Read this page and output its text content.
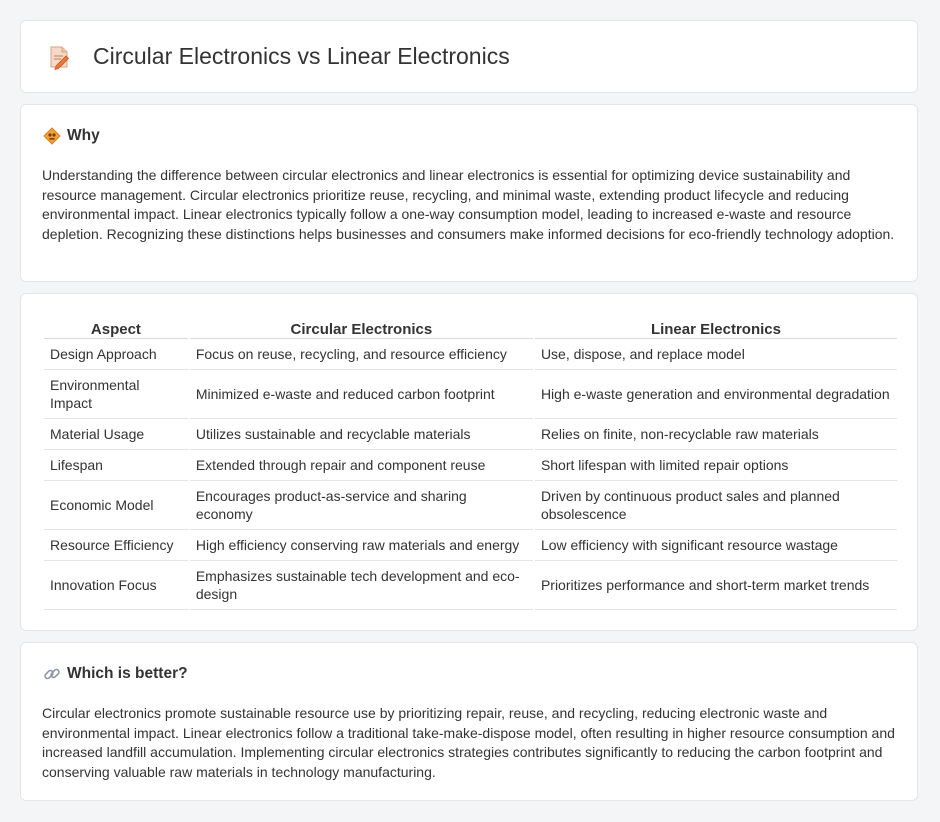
Circular Electronics vs Linear Electronics
Why
Understanding the difference between circular electronics and linear electronics is essential for optimizing device sustainability and resource management. Circular electronics prioritize reuse, recycling, and minimal waste, extending product lifecycle and reducing environmental impact. Linear electronics typically follow a one-way consumption model, leading to increased e-waste and resource depletion. Recognizing these distinctions helps businesses and consumers make informed decisions for eco-friendly technology adoption.
Aspect	Circular Electronics	Linear Electronics
Design Approach	Focus on reuse, recycling, and resource efficiency	Use, dispose, and replace model
Environmental Impact	Minimized e-waste and reduced carbon footprint	High e-waste generation and environmental degradation
Material Usage	Utilizes sustainable and recyclable materials	Relies on finite, non-recyclable raw materials
Lifespan	Extended through repair and component reuse	Short lifespan with limited repair options
Economic Model	Encourages product-as-service and sharing economy	Driven by continuous product sales and planned obsolescence
Resource Efficiency	High efficiency conserving raw materials and energy	Low efficiency with significant resource wastage
Innovation Focus	Emphasizes sustainable tech development and eco-design	Prioritizes performance and short-term market trends
Which is better?
Circular electronics promote sustainable resource use by prioritizing repair, reuse, and recycling, reducing electronic waste and environmental impact. Linear electronics follow a traditional take-make-dispose model, often resulting in higher resource consumption and increased landfill accumulation. Implementing circular electronics strategies contributes significantly to reducing the carbon footprint and conserving valuable raw materials in technology manufacturing.
